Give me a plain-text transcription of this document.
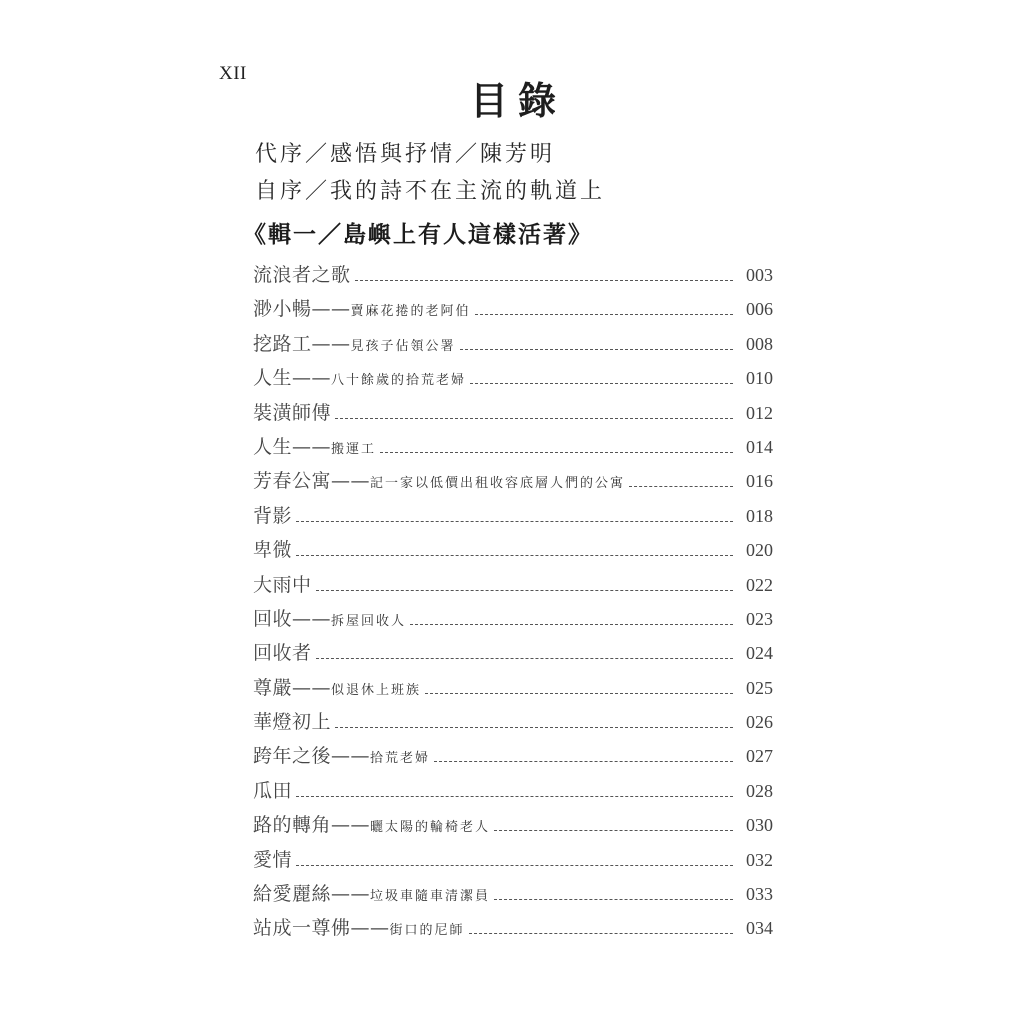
XII
目錄
代序／感悟與抒情／陳芳明
自序／我的詩不在主流的軌道上
《輯一／島嶼上有人這樣活著》
流浪者之歌	003
渺小暢—— 賣麻花捲的老阿伯	006
挖路工—— 見孩子佔領公署	008
人生—— 八十餘歲的拾荒老婦	010
裝潢師傅	012
人生—— 搬運工	014
芳春公寓—— 記一家以低價出租收容底層人們的公寓	016
背影	018
卑微	020
大雨中	022
回收—— 拆屋回收人	023
回收者	024
尊嚴—— 似退休上班族	025
華燈初上	026
跨年之後—— 拾荒老婦	027
瓜田	028
路的轉角—— 曬太陽的輪椅老人	030
愛情	032
給愛麗絲—— 垃圾車隨車清潔員	033
站成一尊佛—— 街口的尼師	034
